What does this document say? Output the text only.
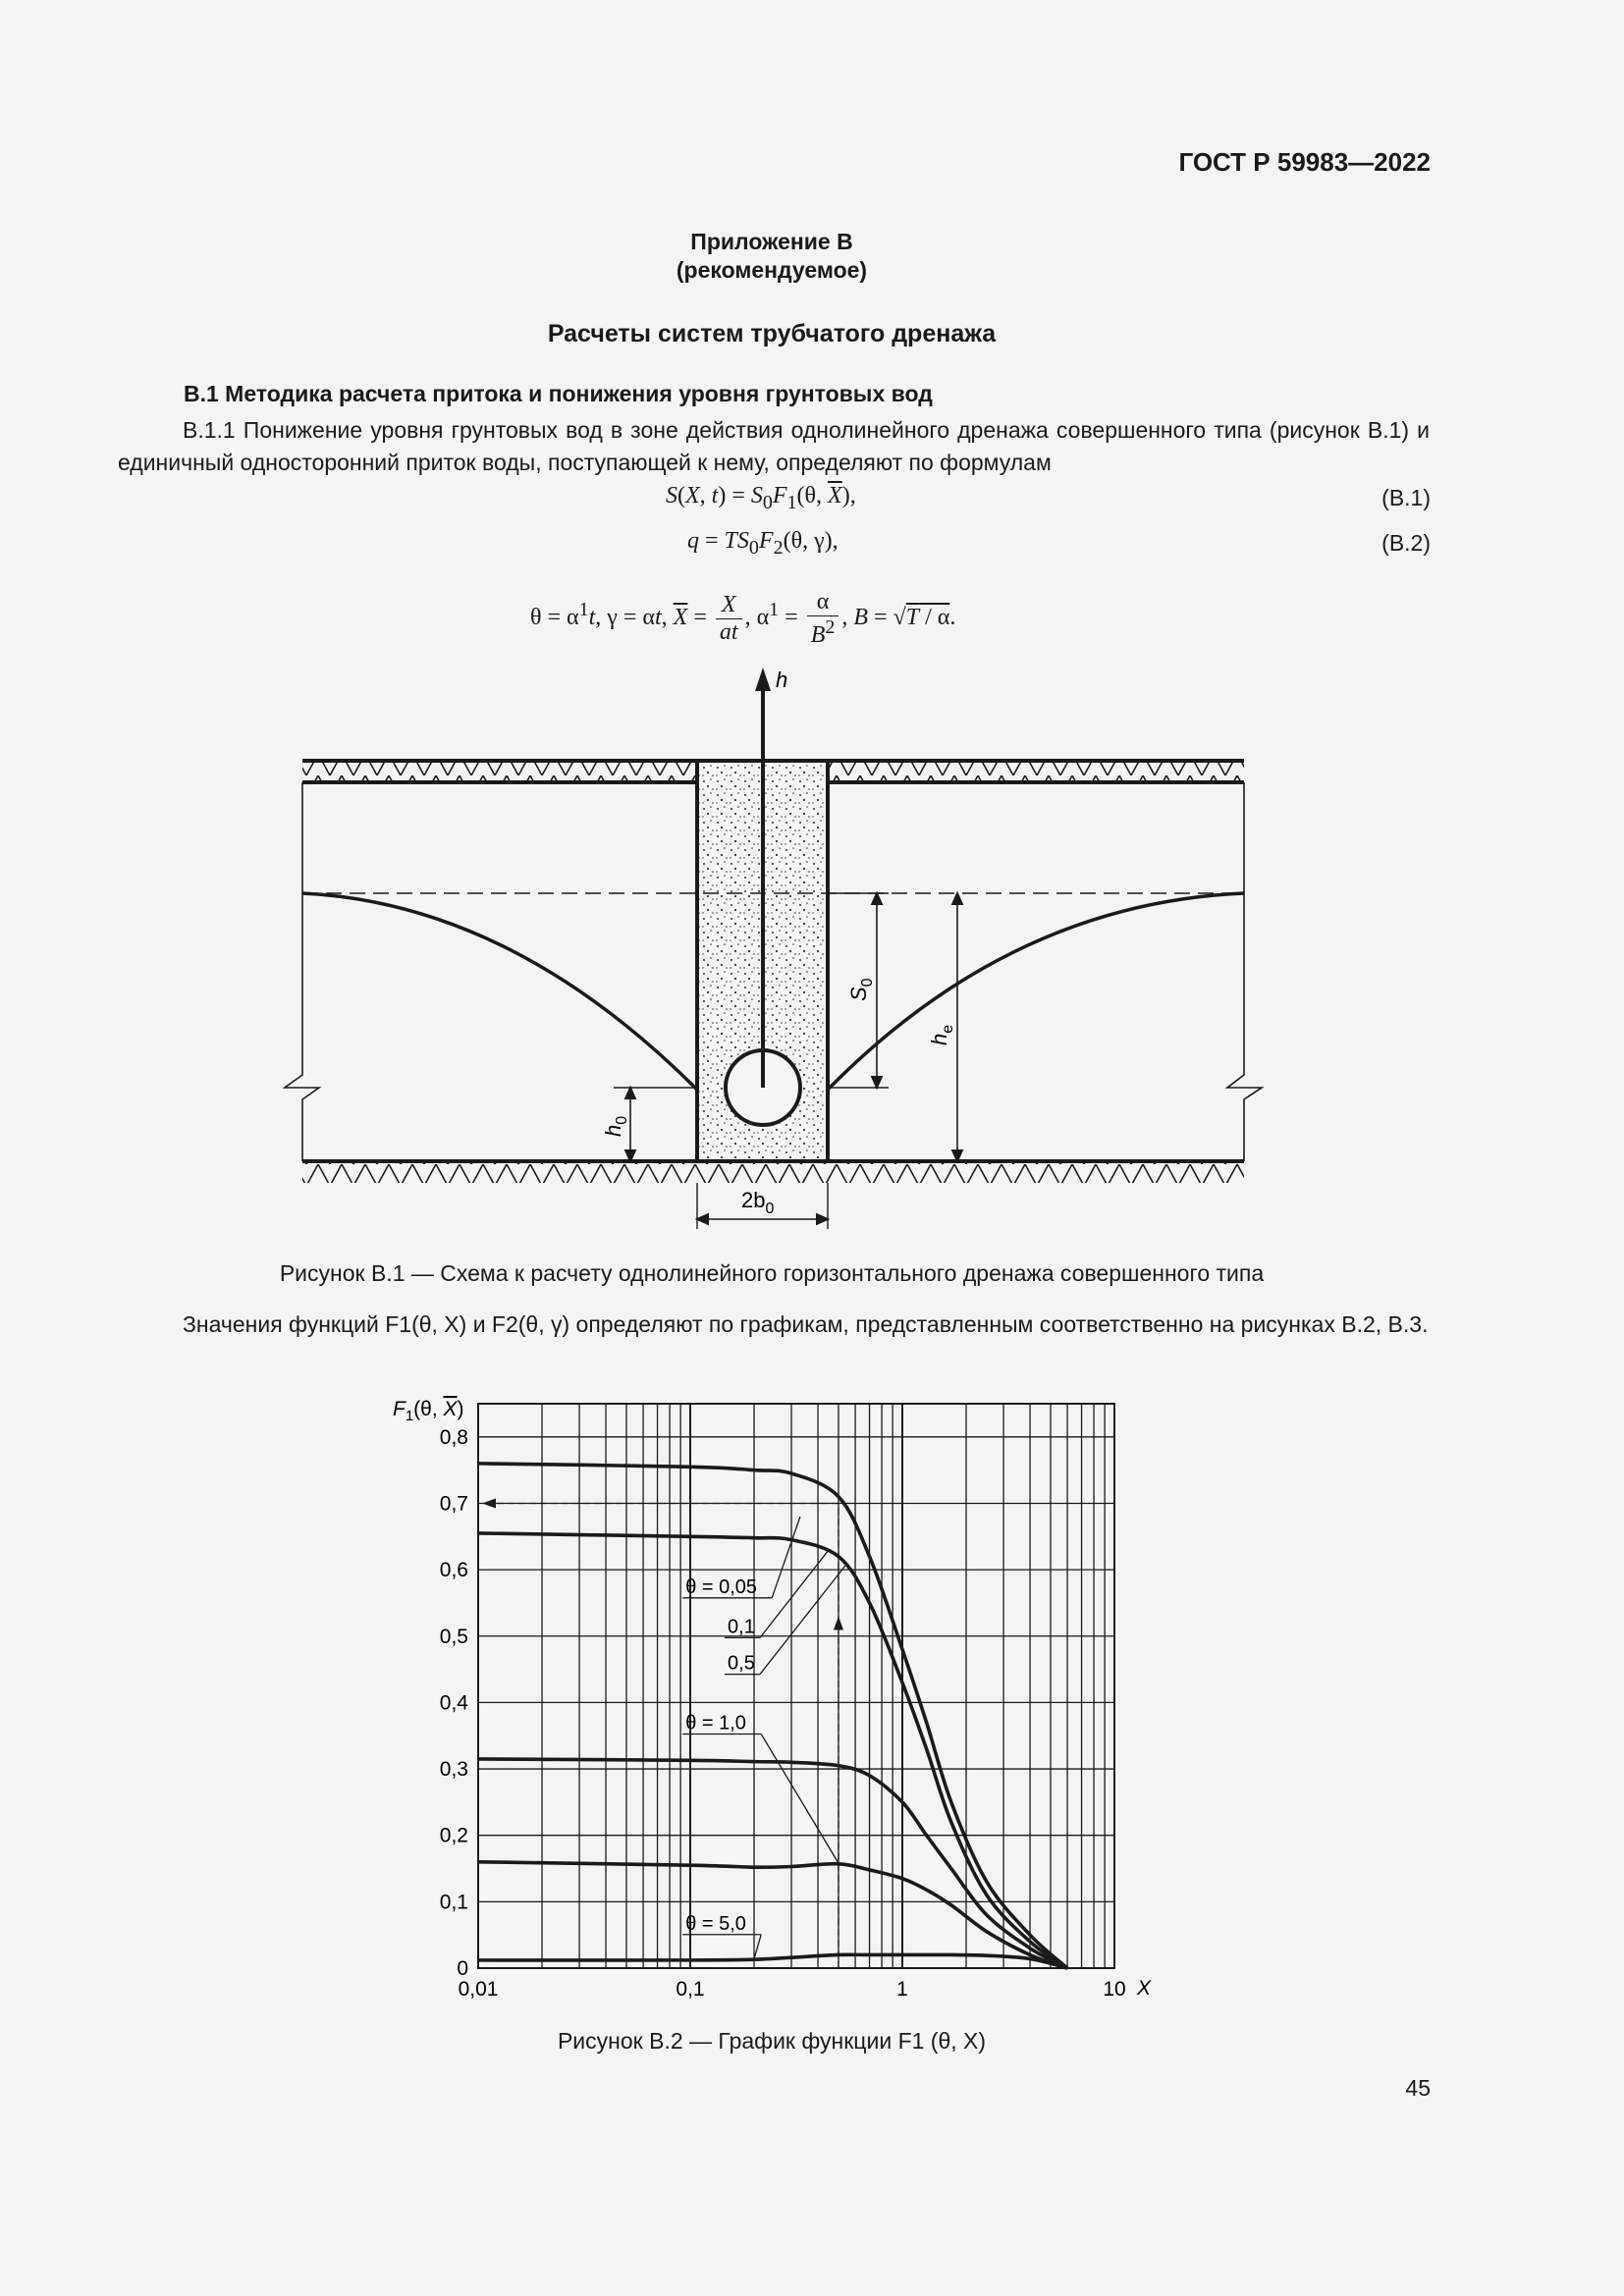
ГОСТ Р 59983—2022
Приложение В
(рекомендуемое)
Расчеты систем трубчатого дренажа
В.1 Методика расчета притока и понижения уровня грунтовых вод
В.1.1 Понижение уровня грунтовых вод в зоне действия однолинейного дренажа совершенного типа (рисунок В.1) и единичный односторонний приток воды, поступающей к нему, определяют по формулам
S(X, $t) = S_0F_1(\theta$, $\overline{X}$),	(В.1)
$q = TS_0F_2(\theta$, γ),	(В.2)
$\theta = \alpha^1t$, γ = αt, $\overline{X} = \frac{X}{at}$ , $\alpha^1 = \frac{\alpha}{B^2}$ , B = √T / α.
h
$S_0$
$h_e$
$h_0$
$2b_0$
Рисунок В.1 — Схема к расчету однолинейного горизонтального дренажа совершенного типа
Значения функций F1(θ, X) и F2(θ, γ) определяют по графикам, представленным соответственно на рисунках В.2, В.3.
0
0,1
0,2
0,3
0,4
0,5
0,6
0,7
0,8
0,01	0,1	1	10
θ = 0,05
0,1
0,5
θ = 1,0
θ = 5,0
$F_1(\theta$, X)
X
Рисунок В.2 — График функции F1 (θ, X)
45
